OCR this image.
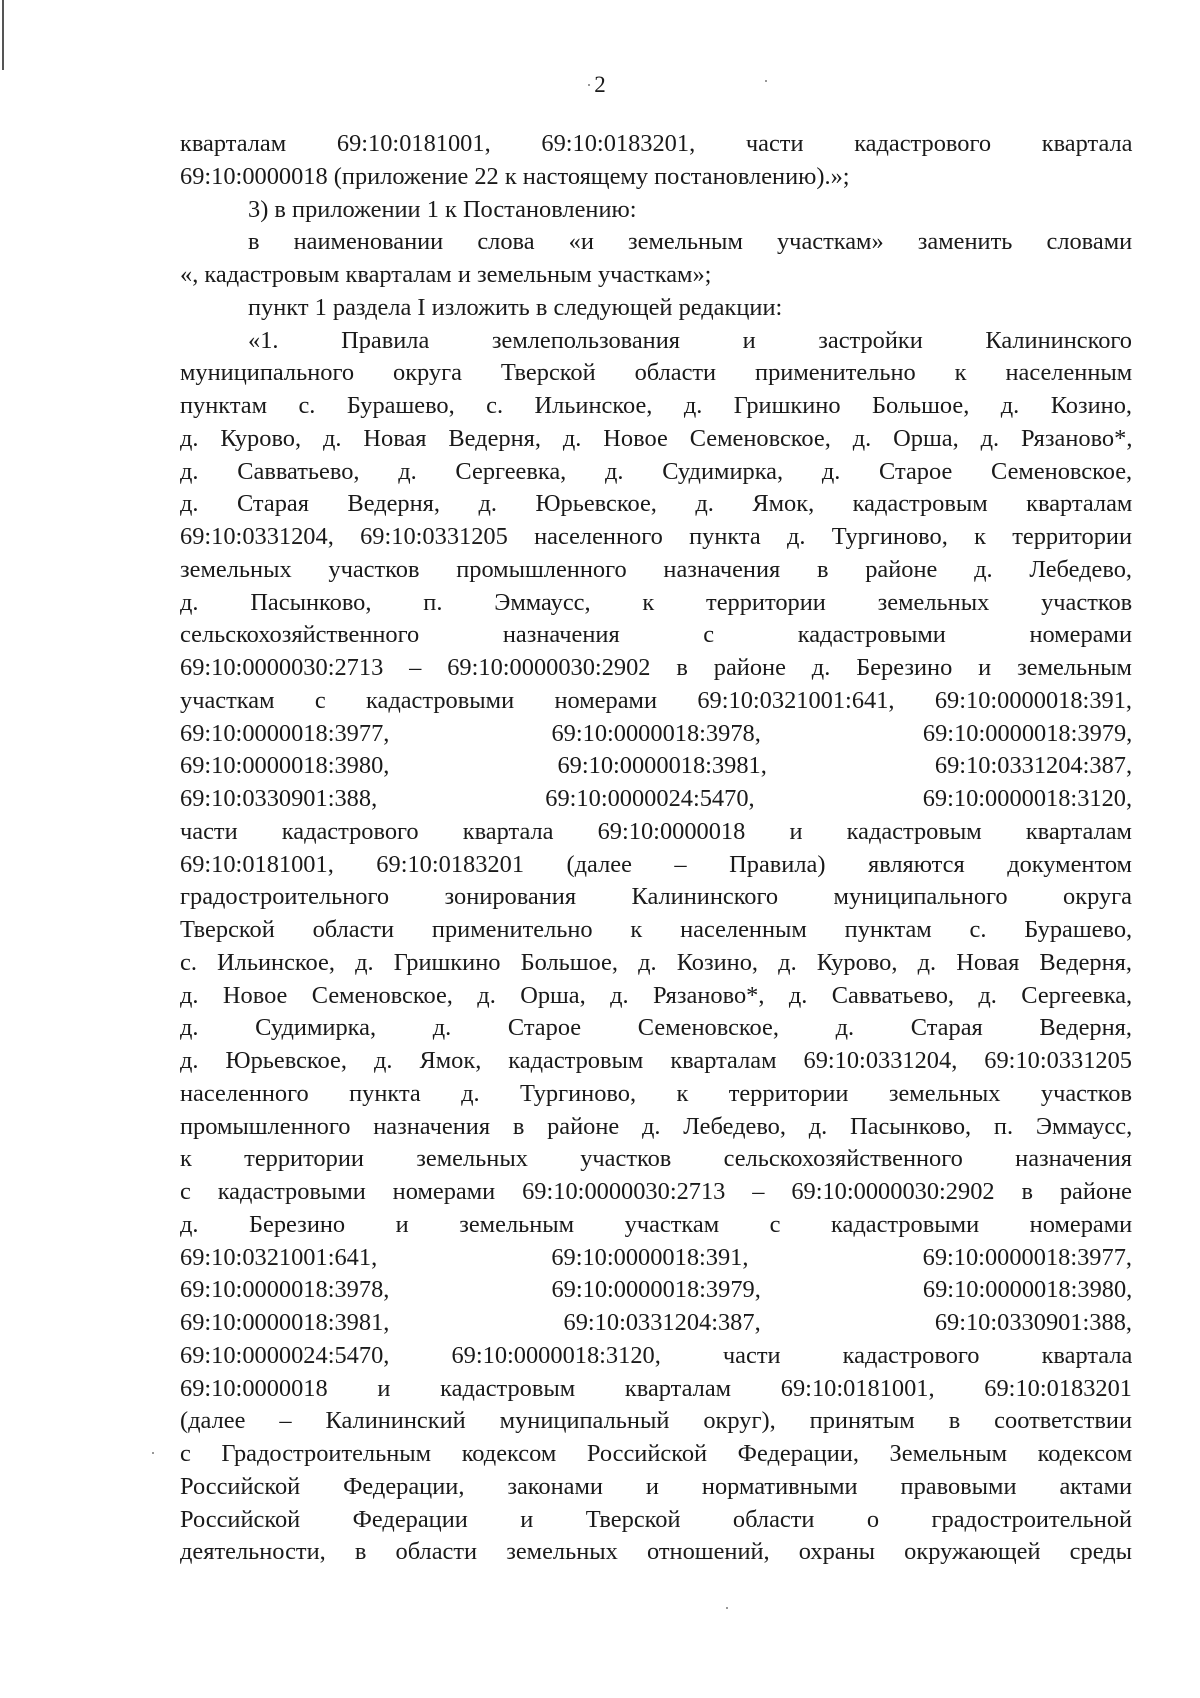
2
кварталам 69:10:0181001, 69:10:0183201, части кадастрового квартала
69:10:0000018 (приложение 22 к настоящему постановлению).»;
3) в приложении 1 к Постановлению:
в наименовании слова «и земельным участкам» заменить словами
«, кадастровым кварталам и земельным участкам»;
пункт 1 раздела I изложить в следующей редакции:
«1. Правила землепользования и застройки Калининского
муниципального округа Тверской области применительно к населенным
пунктам с. Бурашево, с. Ильинское, д. Гришкино Большое, д. Козино,
д. Курово, д. Новая Ведерня, д. Новое Семеновское, д. Орша, д. Рязаново*,
д. Савватьево, д. Сергеевка, д. Судимирка, д. Старое Семеновское,
д. Старая Ведерня, д. Юрьевское, д. Ямок, кадастровым кварталам
69:10:0331204, 69:10:0331205 населенного пункта д. Тургиново, к территории
земельных участков промышленного назначения в районе д. Лебедево,
д. Пасынково, п. Эммаусс, к территории земельных участков
сельскохозяйственного назначения с кадастровыми номерами
69:10:0000030:2713 – 69:10:0000030:2902 в районе д. Березино и земельным
участкам с кадастровыми номерами 69:10:0321001:641, 69:10:0000018:391,
69:10:0000018:3977, 69:10:0000018:3978, 69:10:0000018:3979,
69:10:0000018:3980, 69:10:0000018:3981, 69:10:0331204:387,
69:10:0330901:388, 69:10:0000024:5470, 69:10:0000018:3120,
части кадастрового квартала 69:10:0000018 и кадастровым кварталам
69:10:0181001, 69:10:0183201 (далее – Правила) являются документом
градостроительного зонирования Калининского муниципального округа
Тверской области применительно к населенным пунктам с. Бурашево,
с. Ильинское, д. Гришкино Большое, д. Козино, д. Курово, д. Новая Ведерня,
д. Новое Семеновское, д. Орша, д. Рязаново*, д. Савватьево, д. Сергеевка,
д. Судимирка, д. Старое Семеновское, д. Старая Ведерня,
д. Юрьевское, д. Ямок, кадастровым кварталам 69:10:0331204, 69:10:0331205
населенного пункта д. Тургиново, к территории земельных участков
промышленного назначения в районе д. Лебедево, д. Пасынково, п. Эммаусс,
к территории земельных участков сельскохозяйственного назначения
с кадастровыми номерами 69:10:0000030:2713 – 69:10:0000030:2902 в районе
д. Березино и земельным участкам с кадастровыми номерами
69:10:0321001:641, 69:10:0000018:391, 69:10:0000018:3977,
69:10:0000018:3978, 69:10:0000018:3979, 69:10:0000018:3980,
69:10:0000018:3981, 69:10:0331204:387, 69:10:0330901:388,
69:10:0000024:5470, 69:10:0000018:3120, части кадастрового квартала
69:10:0000018 и кадастровым кварталам 69:10:0181001, 69:10:0183201
(далее – Калининский муниципальный округ), принятым в соответствии
с Градостроительным кодексом Российской Федерации, Земельным кодексом
Российской Федерации, законами и нормативными правовыми актами
Российской Федерации и Тверской области о градостроительной
деятельности, в области земельных отношений, охраны окружающей среды
